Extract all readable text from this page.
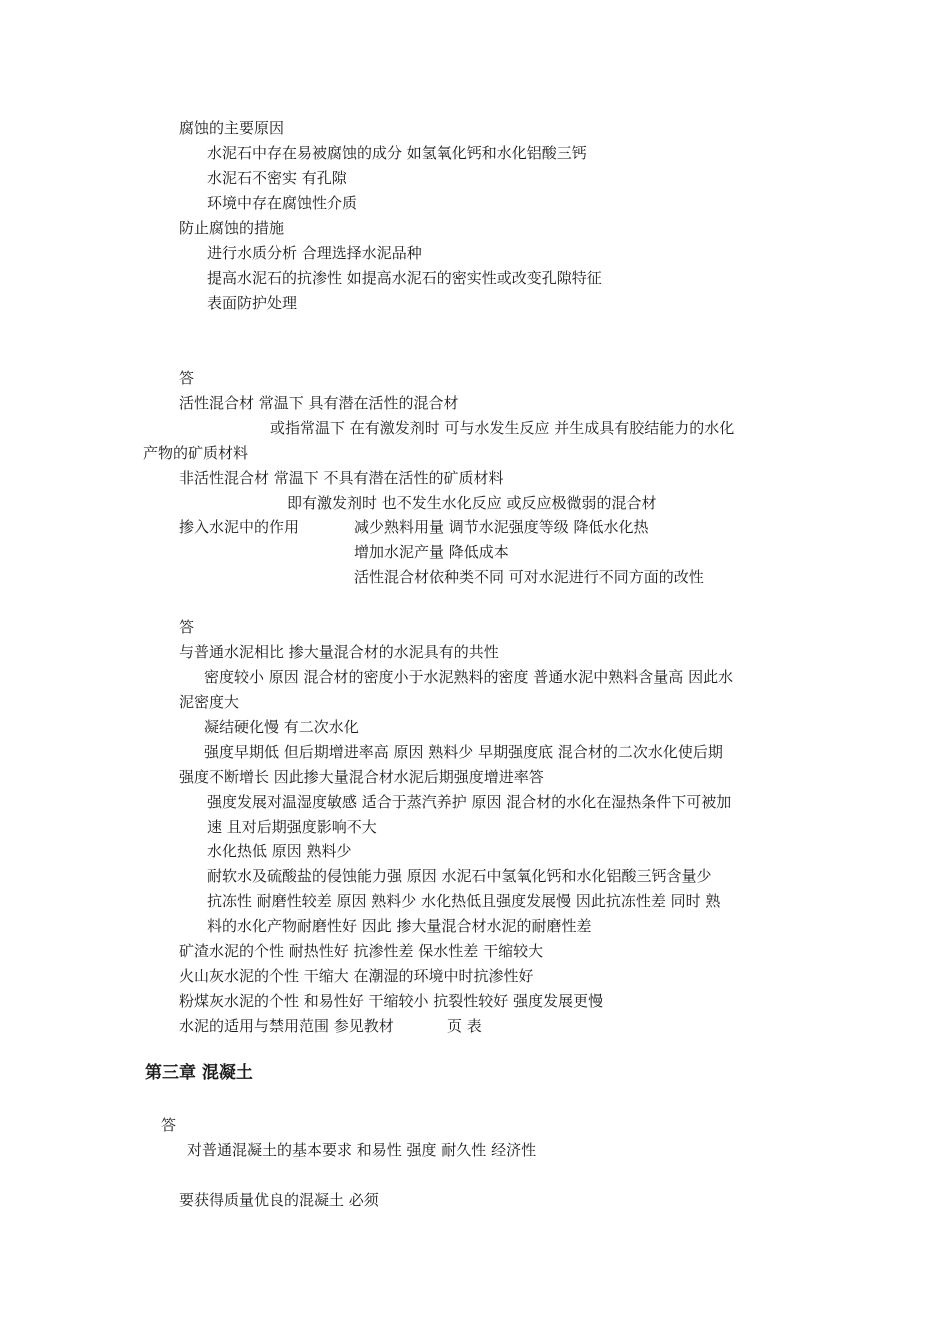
腐蚀的主要原因
水泥石中存在易被腐蚀的成分 如氢氧化钙和水化铝酸三钙
水泥石不密实 有孔隙
环境中存在腐蚀性介质
防止腐蚀的措施
进行水质分析 合理选择水泥品种
提高水泥石的抗渗性 如提高水泥石的密实性或改变孔隙特征
表面防护处理
答
活性混合材 常温下 具有潜在活性的混合材
或指常温下 在有激发剂时 可与水发生反应 并生成具有胶结能力的水化
产物的矿质材料
非活性混合材 常温下 不具有潜在活性的矿质材料
即有激发剂时 也不发生水化反应 或反应极微弱的混合材
掺入水泥中的作用	减少熟料用量 调节水泥强度等级 降低水化热
增加水泥产量 降低成本
活性混合材依种类不同 可对水泥进行不同方面的改性
答
与普通水泥相比 掺大量混合材的水泥具有的共性
密度较小 原因 混合材的密度小于水泥熟料的密度 普通水泥中熟料含量高 因此水
泥密度大
凝结硬化慢 有二次水化
强度早期低 但后期增进率高 原因 熟料少 早期强度底 混合材的二次水化使后期
强度不断增长 因此掺大量混合材水泥后期强度增进率答
强度发展对温湿度敏感 适合于蒸汽养护 原因 混合材的水化在湿热条件下可被加
速 且对后期强度影响不大
水化热低 原因 熟料少
耐软水及硫酸盐的侵蚀能力强 原因 水泥石中氢氧化钙和水化铝酸三钙含量少
抗冻性 耐磨性较差 原因 熟料少 水化热低且强度发展慢 因此抗冻性差 同时 熟
料的水化产物耐磨性好 因此 掺大量混合材水泥的耐磨性差
矿渣水泥的个性 耐热性好 抗渗性差 保水性差 干缩较大
火山灰水泥的个性 干缩大 在潮湿的环境中时抗渗性好
粉煤灰水泥的个性 和易性好 干缩较小 抗裂性较好 强度发展更慢
水泥的适用与禁用范围 参见教材	页 表
第三章 混凝土
答
对普通混凝土的基本要求 和易性 强度 耐久性 经济性
要获得质量优良的混凝土 必须
